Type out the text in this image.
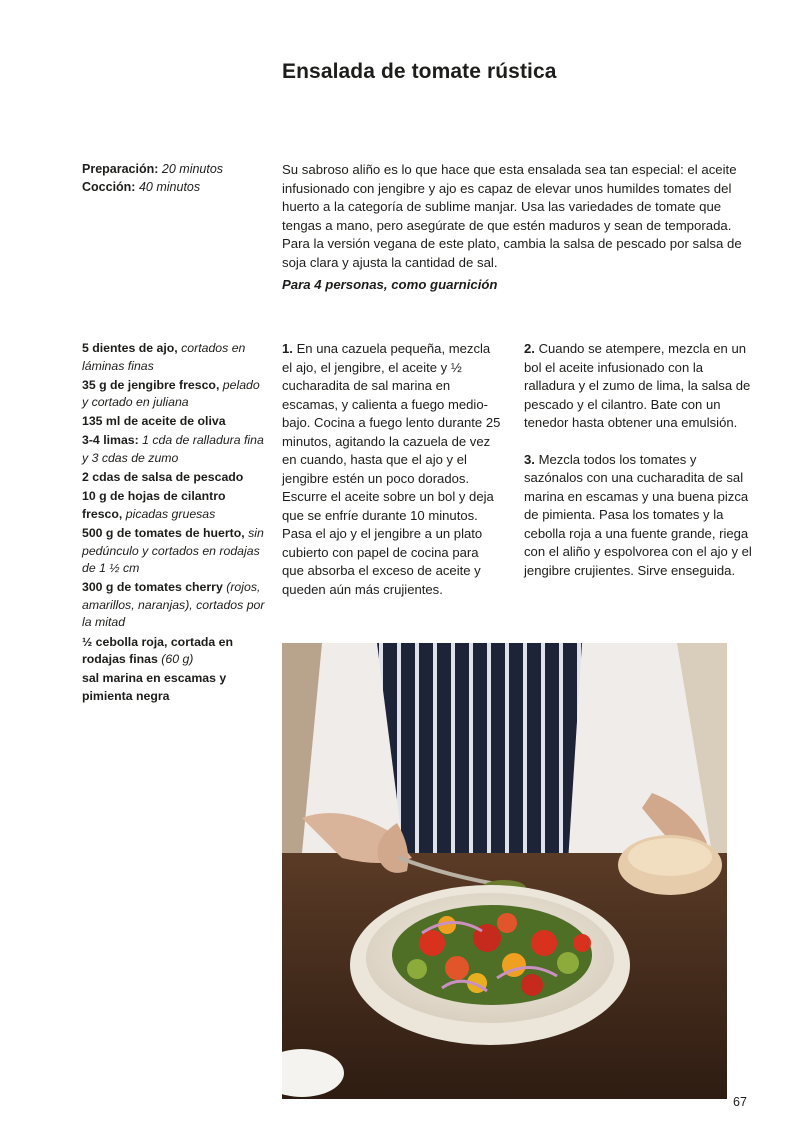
Ensalada de tomate rústica
Preparación: 20 minutos
Cocción: 40 minutos

Su sabroso aliño es lo que hace que esta ensalada sea tan especial: el aceite infusionado con jengibre y ajo es capaz de elevar unos humildes tomates del huerto a la categoría de sublime manjar. Usa las variedades de tomate que tengas a mano, pero asegúrate de que estén maduros y sean de temporada. Para la versión vegana de este plato, cambia la salsa de pescado por salsa de soja clara y ajusta la cantidad de sal.

Para 4 personas, como guarnición

5 dientes de ajo, cortados en láminas finas

35 g de jengibre fresco, pelado y cortado en juliana

135 ml de aceite de oliva

3-4 limas: 1 cda de ralladura fina y 3 cdas de zumo

2 cdas de salsa de pescado

10 g de hojas de cilantro fresco, picadas gruesas

500 g de tomates de huerto, sin pedúnculo y cortados en rodajas de 1 ½ cm

300 g de tomates cherry (rojos, amarillos, naranjas), cortados por la mitad

½ cebolla roja, cortada en rodajas finas (60 g)

sal marina en escamas y pimienta negra

1. En una cazuela pequeña, mezcla el ajo, el jengibre, el aceite y ½ cucharadita de sal marina en escamas, y calienta a fuego medio-bajo. Cocina a fuego lento durante 25 minutos, agitando la cazuela de vez en cuando, hasta que el ajo y el jengibre estén un poco dorados. Escurre el aceite sobre un bol y deja que se enfríe durante 10 minutos. Pasa el ajo y el jengibre a un plato cubierto con papel de cocina para que absorba el exceso de aceite y queden aún más crujientes.

2. Cuando se atempere, mezcla en un bol el aceite infusionado con la ralladura y el zumo de lima, la salsa de pescado y el cilantro. Bate con un tenedor hasta obtener una emulsión.

3. Mezcla todos los tomates y sazónalos con una cucharadita de sal marina en escamas y una buena pizca de pimienta. Pasa los tomates y la cebolla roja a una fuente grande, riega con el aliño y espolvorea con el ajo y el jengibre crujientes. Sirve enseguida.

67
